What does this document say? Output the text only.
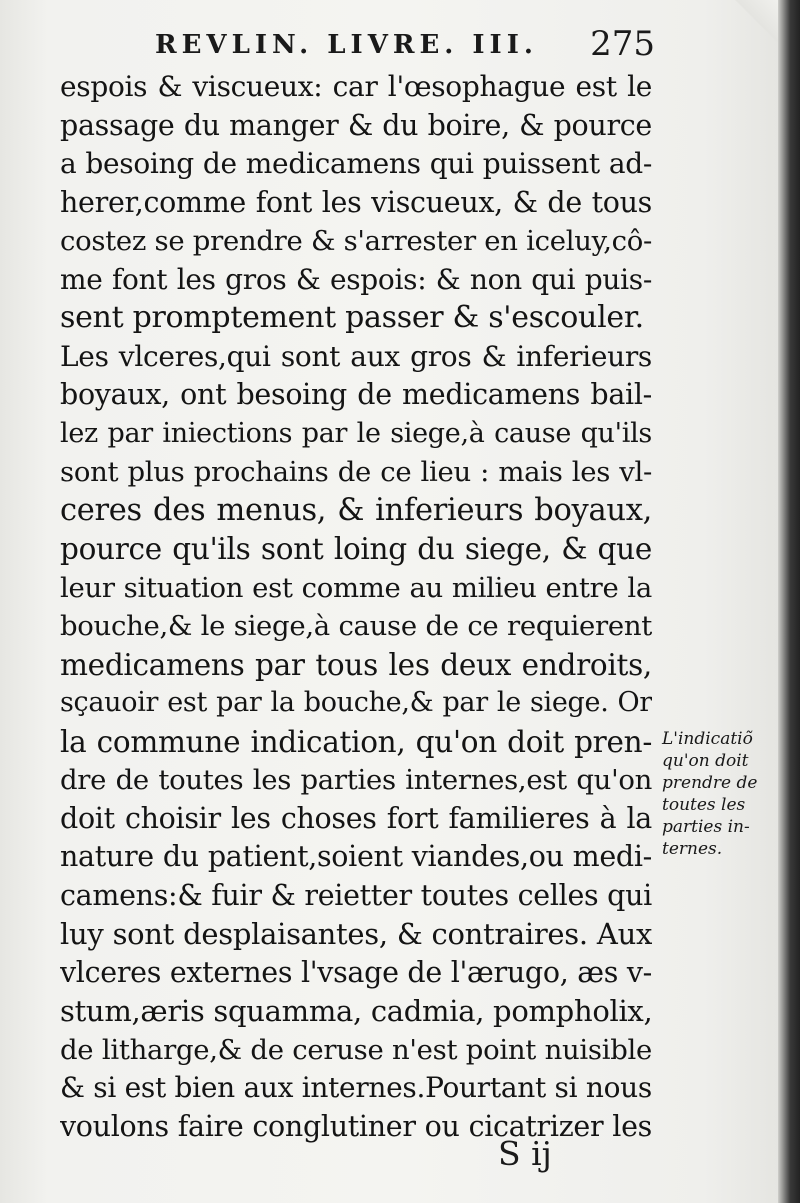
REVLIN. LIVRE. III. 275
espois & viscueux: car l'œsophague est le
passage du manger & du boire, & pource
a besoing de medicamens qui puissent ad-
herer,comme font les viscueux, & de tous
costez se prendre & s'arrester en iceluy,cô-
me font les gros & espois: & non qui puis-
sent promptement passer & s'escouler.
Les vlceres,qui sont aux gros & inferieurs
boyaux, ont besoing de medicamens bail-
lez par iniections par le siege,à cause qu'ils
sont plus prochains de ce lieu : mais les vl-
ceres des menus, & inferieurs boyaux,
pource qu'ils sont loing du siege, & que
leur situation est comme au milieu entre la
bouche,& le siege,à cause de ce requierent
medicamens par tous les deux endroits,
sçauoir est par la bouche,& par le siege. Or
la commune indication, qu'on doit pren-
dre de toutes les parties internes,est qu'on
doit choisir les choses fort familieres à la
nature du patient,soient viandes,ou medi-
camens:& fuir & reietter toutes celles qui
luy sont desplaisantes, & contraires. Aux
vlceres externes l'vsage de l'ærugo, æs v-
stum,æris squamma, cadmia, pompholix,
de litharge,& de ceruse n'est point nuisible
& si est bien aux internes.Pourtant si nous
voulons faire conglutiner ou cicatrizer les
L'indicatiõ
qu'on doit
prendre de
toutes les
parties in-
ternes.
S ij
